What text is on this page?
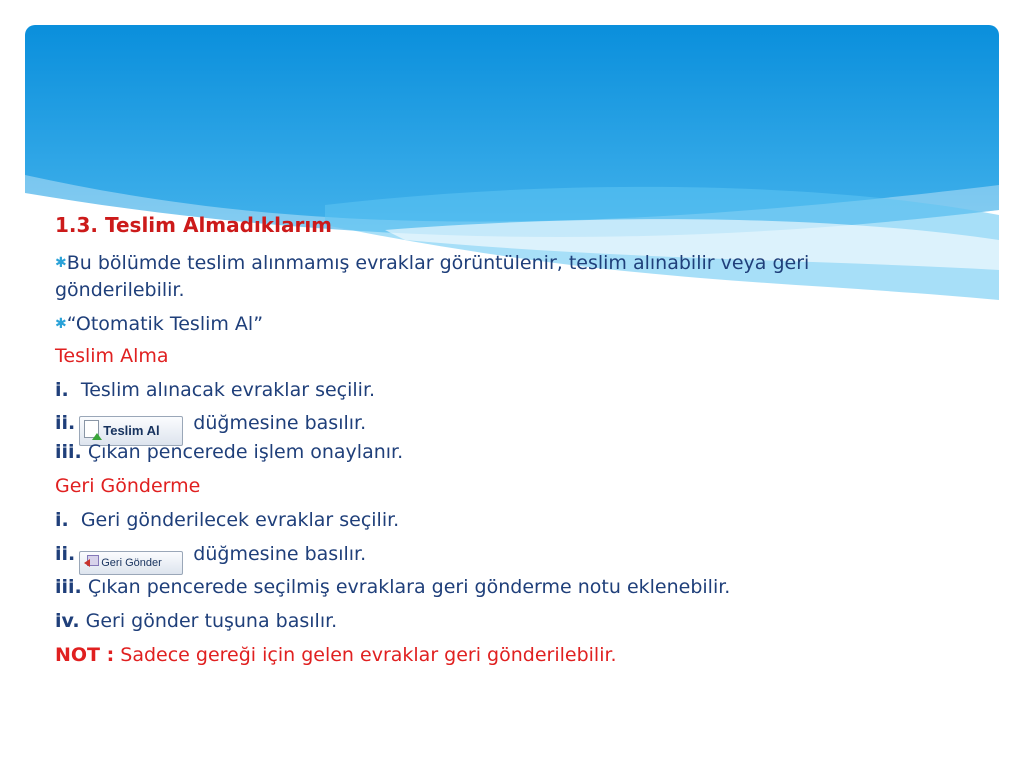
1.3. Teslim Almadıklarım
✱Bu bölümde teslim alınmamış evraklar görüntülenir, teslim alınabilir veya geri
gönderilebilir.
✱“Otomatik Teslim Al”
Teslim Alma
i. Teslim alınacak evraklar seçilir.
ii. Teslim Al düğmesine basılır.
iii. Çıkan pencerede işlem onaylanır.
Geri Gönderme
i. Geri gönderilecek evraklar seçilir.
ii. Geri Gönder düğmesine basılır.
iii. Çıkan pencerede seçilmiş evraklara geri gönderme notu eklenebilir.
iv. Geri gönder tuşuna basılır.
NOT : Sadece gereği için gelen evraklar geri gönderilebilir.
